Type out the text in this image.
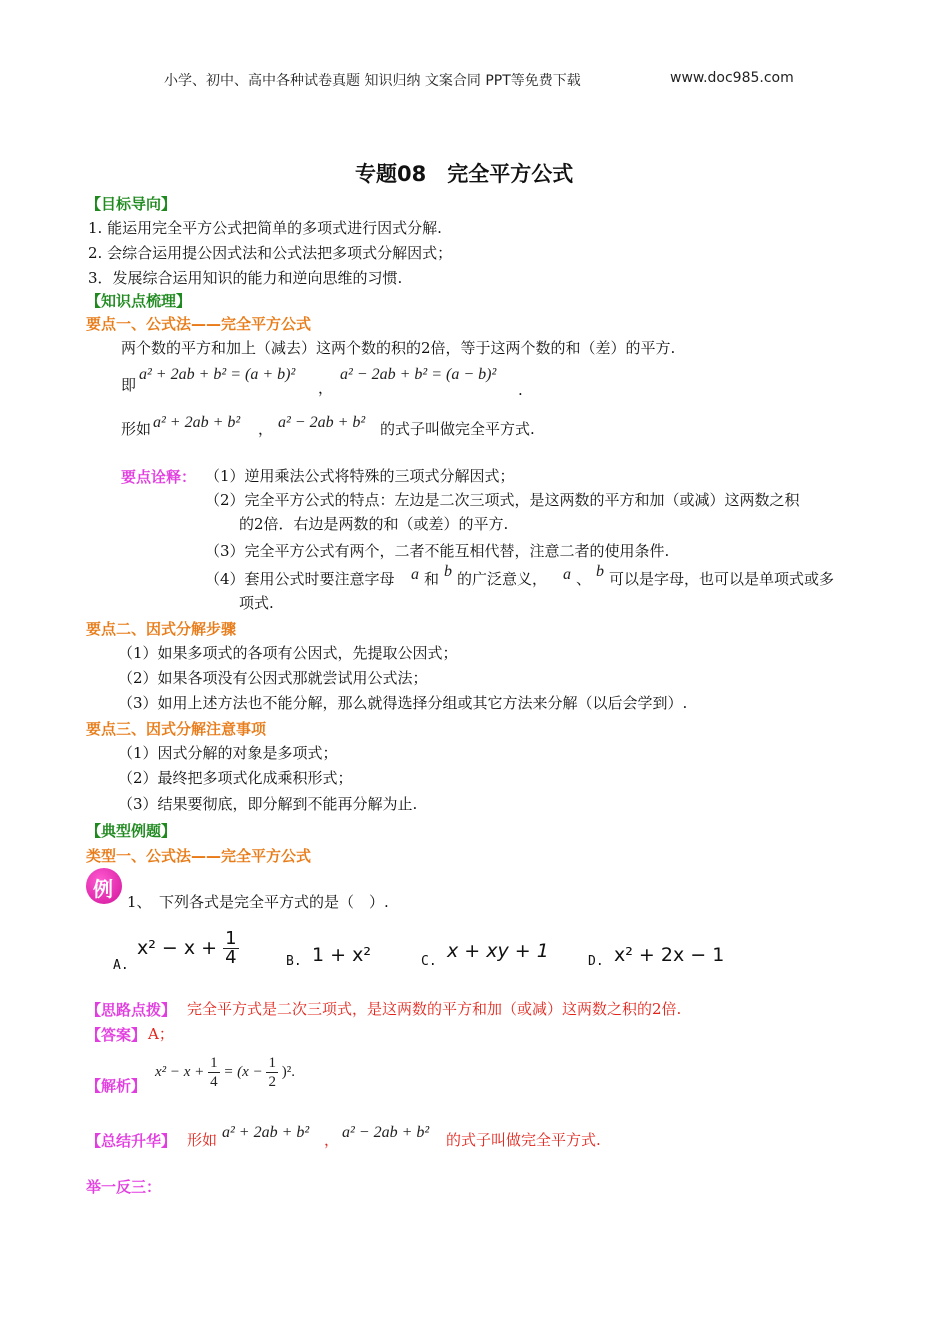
小学、初中、高中各种试卷真题 知识归纳 文案合同 PPT等免费下载	www.doc985.com
专题08　完全平方公式
【目标导向】
1. 能运用完全平方公式把简单的多项式进行因式分解.
2. 会综合运用提公因式法和公式法把多项式分解因式；
3．发展综合运用知识的能力和逆向思维的习惯.
【知识点梳理】
要点一、公式法——完全平方公式
两个数的平方和加上（减去）这两个数的积的2倍，等于这两个数的和（差）的平方.
即
a² + 2ab + b² = (a + b)²
，
a² − 2ab + b² = (a − b)²
.
形如 a² + 2ab + b² ， a² − 2ab + b² 的式子叫做完全平方式.
要点诠释： （1）逆用乘法公式将特殊的三项式分解因式；
（2）完全平方公式的特点：左边是二次三项式，是这两数的平方和加（或减）这两数之积
的2倍．右边是两数的和（或差）的平方.
（3）完全平方公式有两个，二者不能互相代替，注意二者的使用条件.
（4）套用公式时要注意字母 a 和 b 的广泛意义， a 、 b 可以是字母，也可以是单项式或多
项式.
要点二、因式分解步骤
（1）如果多项式的各项有公因式，先提取公因式；
（2）如果各项没有公因式那就尝试用公式法；
（3）如用上述方法也不能分解，那么就得选择分组或其它方法来分解（以后会学到）.
要点三、因式分解注意事项
（1）因式分解的对象是多项式；
（2）最终把多项式化成乘积形式；
（3）结果要彻底，即分解到不能再分解为止.
【典型例题】
类型一、公式法——完全平方公式
例
1、　下列各式是完全平方式的是（　）.
A.
$x^2 - x + \frac{1}{4}$	B. 1 + x²	C. x + xy + 1	D. x² + 2x − 1
【思路点拨】 完全平方式是二次三项式，是这两数的平方和加（或减）这两数之积的2倍.
【答案】 A；
【解析】
$x^2 - x + \frac{1}{4} = (x - \frac{1}{2} )^2$.
【总结升华】 形如 a² + 2ab + b² ， a² − 2ab + b² 的式子叫做完全平方式.
举一反三：
